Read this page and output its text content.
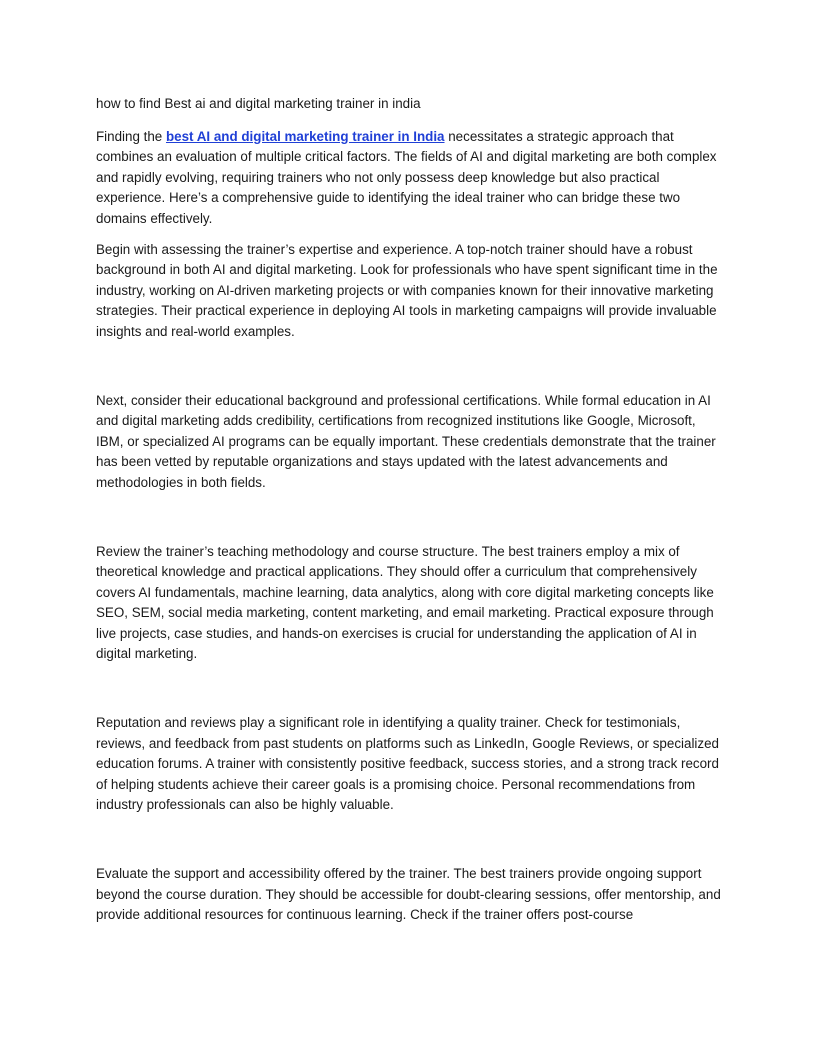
how to find Best ai and digital marketing trainer in india

Finding the best AI and digital marketing trainer in India necessitates a strategic approach that combines an evaluation of multiple critical factors. The fields of AI and digital marketing are both complex and rapidly evolving, requiring trainers who not only possess deep knowledge but also practical experience. Here’s a comprehensive guide to identifying the ideal trainer who can bridge these two domains effectively.

Begin with assessing the trainer’s expertise and experience. A top-notch trainer should have a robust background in both AI and digital marketing. Look for professionals who have spent significant time in the industry, working on AI-driven marketing projects or with companies known for their innovative marketing strategies. Their practical experience in deploying AI tools in marketing campaigns will provide invaluable insights and real-world examples.

Next, consider their educational background and professional certifications. While formal education in AI and digital marketing adds credibility, certifications from recognized institutions like Google, Microsoft, IBM, or specialized AI programs can be equally important. These credentials demonstrate that the trainer has been vetted by reputable organizations and stays updated with the latest advancements and methodologies in both fields.

Review the trainer’s teaching methodology and course structure. The best trainers employ a mix of theoretical knowledge and practical applications. They should offer a curriculum that comprehensively covers AI fundamentals, machine learning, data analytics, along with core digital marketing concepts like SEO, SEM, social media marketing, content marketing, and email marketing. Practical exposure through live projects, case studies, and hands-on exercises is crucial for understanding the application of AI in digital marketing.

Reputation and reviews play a significant role in identifying a quality trainer. Check for testimonials, reviews, and feedback from past students on platforms such as LinkedIn, Google Reviews, or specialized education forums. A trainer with consistently positive feedback, success stories, and a strong track record of helping students achieve their career goals is a promising choice. Personal recommendations from industry professionals can also be highly valuable.

Evaluate the support and accessibility offered by the trainer. The best trainers provide ongoing support beyond the course duration. They should be accessible for doubt-clearing sessions, offer mentorship, and provide additional resources for continuous learning. Check if the trainer offers post-course
